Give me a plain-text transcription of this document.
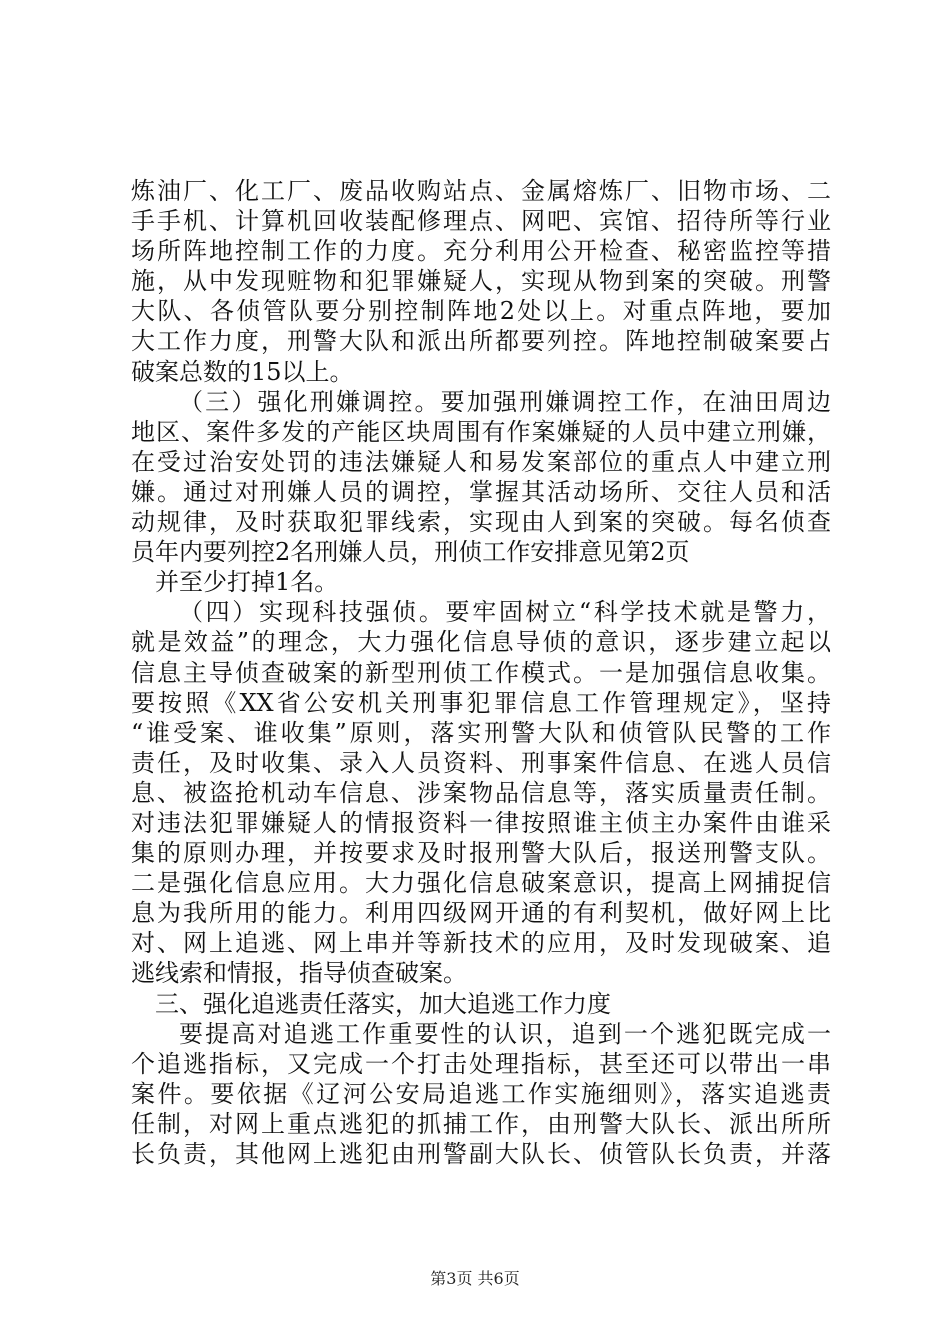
炼油厂、化工厂、废品收购站点、金属熔炼厂、旧物市场、二
手手机、计算机回收装配修理点、网吧、宾馆、招待所等行业
场所阵地控制工作的力度。充分利用公开检查、秘密监控等措
施，从中发现赃物和犯罪嫌疑人，实现从物到案的突破。刑警
大队、各侦管队要分别控制阵地2处以上。对重点阵地，要加
大工作力度，刑警大队和派出所都要列控。阵地控制破案要占
破案总数的15以上。
（三）强化刑嫌调控。要加强刑嫌调控工作，在油田周边
地区、案件多发的产能区块周围有作案嫌疑的人员中建立刑嫌，
在受过治安处罚的违法嫌疑人和易发案部位的重点人中建立刑
嫌。通过对刑嫌人员的调控，掌握其活动场所、交往人员和活
动规律，及时获取犯罪线索，实现由人到案的突破。每名侦查
员年内要列控2名刑嫌人员，刑侦工作安排意见第2页
并至少打掉1名。
（四）实现科技强侦。要牢固树立“科学技术就是警力，
就是效益”的理念，大力强化信息导侦的意识，逐步建立起以
信息主导侦查破案的新型刑侦工作模式。一是加强信息收集。
要按照《XX省公安机关刑事犯罪信息工作管理规定》，坚持
“谁受案、谁收集”原则，落实刑警大队和侦管队民警的工作
责任，及时收集、录入人员资料、刑事案件信息、在逃人员信
息、被盗抢机动车信息、涉案物品信息等，落实质量责任制。
对违法犯罪嫌疑人的情报资料一律按照谁主侦主办案件由谁采
集的原则办理，并按要求及时报刑警大队后，报送刑警支队。
二是强化信息应用。大力强化信息破案意识，提高上网捕捉信
息为我所用的能力。利用四级网开通的有利契机，做好网上比
对、网上追逃、网上串并等新技术的应用，及时发现破案、追
逃线索和情报，指导侦查破案。
三、强化追逃责任落实，加大追逃工作力度
要提高对追逃工作重要性的认识，追到一个逃犯既完成一
个追逃指标，又完成一个打击处理指标，甚至还可以带出一串
案件。要依据《辽河公安局追逃工作实施细则》，落实追逃责
任制，对网上重点逃犯的抓捕工作，由刑警大队长、派出所所
长负责，其他网上逃犯由刑警副大队长、侦管队长负责，并落
第3页 共6页
